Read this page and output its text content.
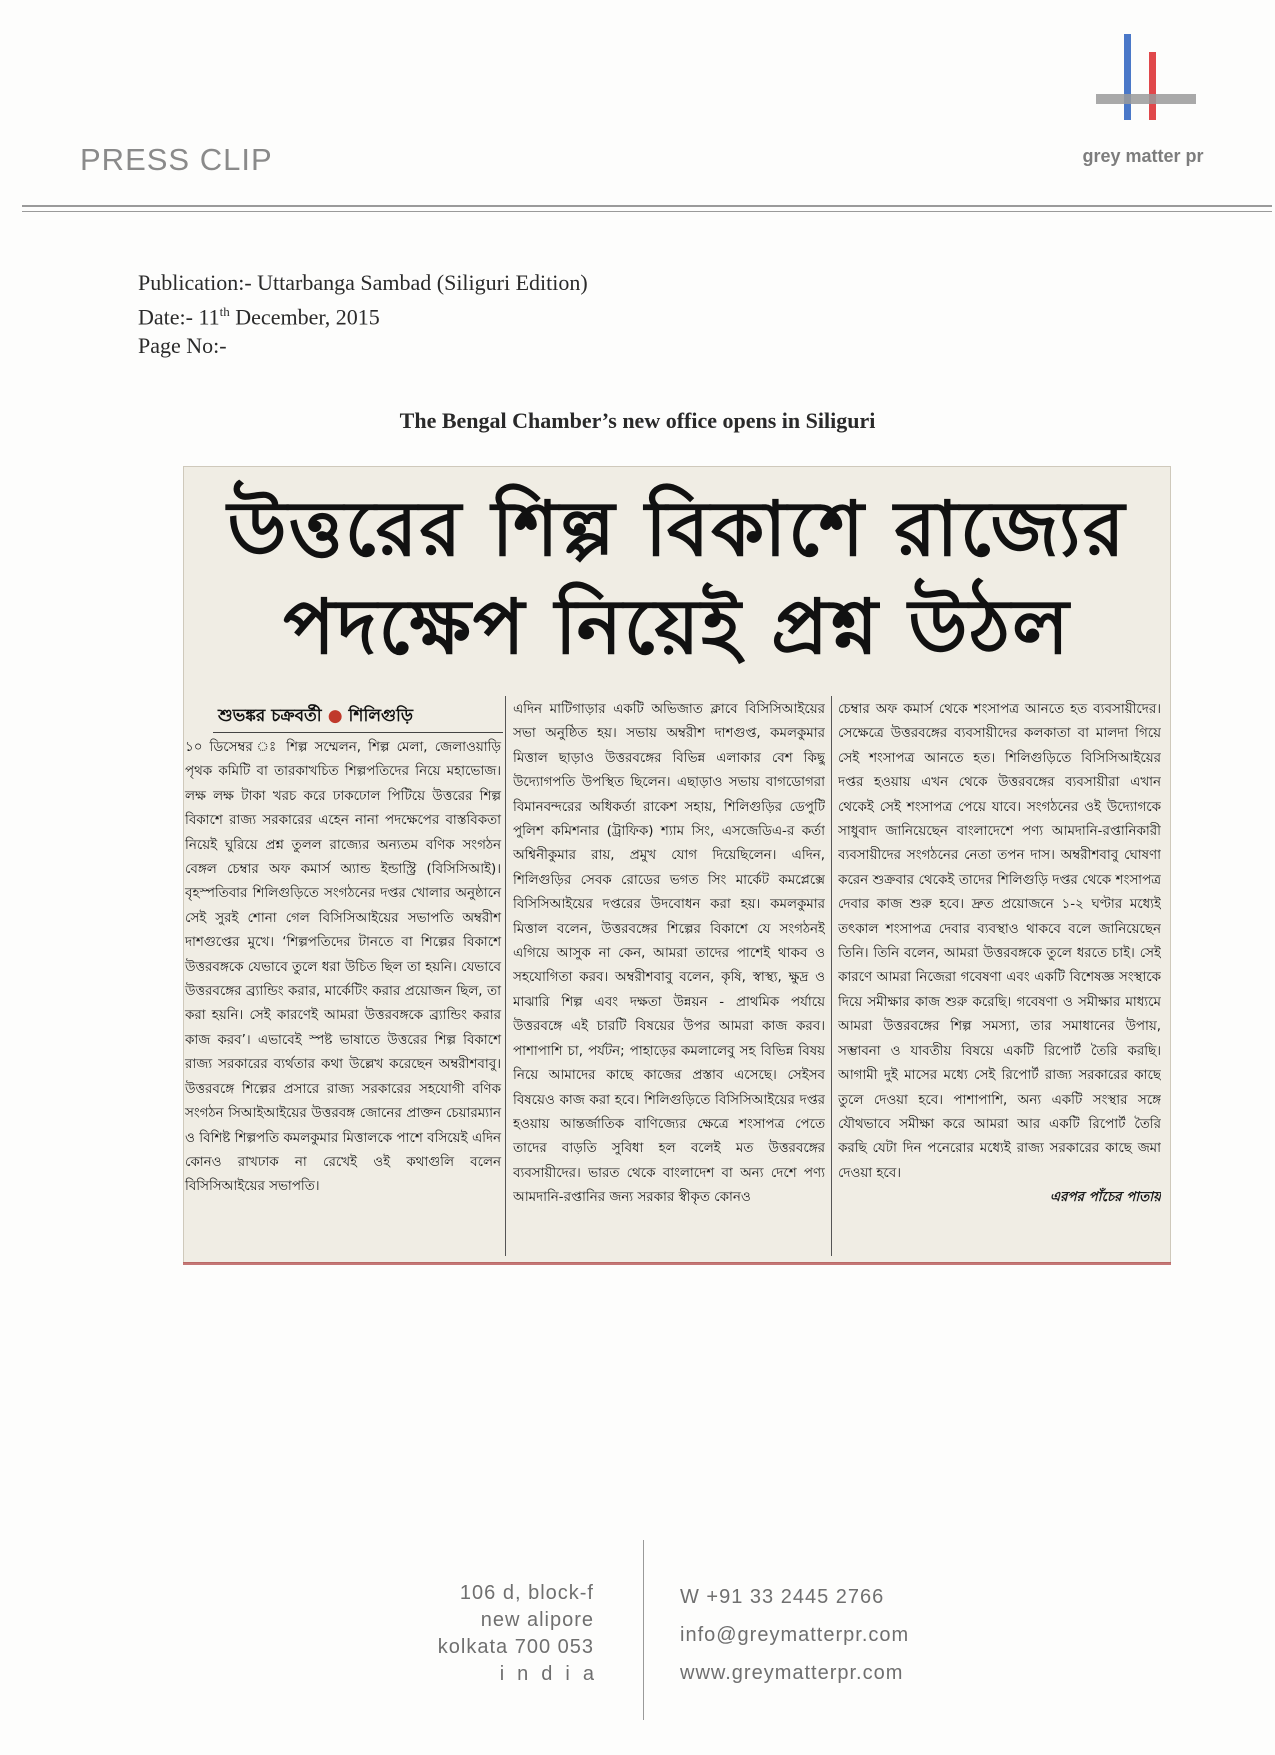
PRESS CLIP	grey matter pr
Publication:- Uttarbanga Sambad (Siliguri Edition)
Date:- 11th December, 2015
Page No:-
The Bengal Chamber’s new office opens in Siliguri
উত্তরের শিল্প বিকাশে রাজ্যের
পদক্ষেপ নিয়েই প্রশ্ন উঠল
শুভঙ্কর চক্রবর্তী ● শিলিগুড়ি

১০ ডিসেম্বর ঃ শিল্প সম্মেলন, শিল্প মেলা, জেলাওয়াড়ি পৃথক কমিটি বা তারকাখচিত শিল্পপতিদের নিয়ে মহাভোজ। লক্ষ লক্ষ টাকা খরচ করে ঢাকঢোল পিটিয়ে উত্তরের শিল্প বিকাশে রাজ্য সরকারের এহেন নানা পদক্ষেপের বাস্তবিকতা নিয়েই ঘুরিয়ে প্রশ্ন তুলল রাজ্যের অন্যতম বণিক সংগঠন বেঙ্গল চেম্বার অফ কমার্স অ্যান্ড ইন্ডাস্ট্রি (বিসিসিআই)। বৃহস্পতিবার শিলিগুড়িতে সংগঠনের দপ্তর খোলার অনুষ্ঠানে সেই সুরই শোনা গেল বিসিসিআইয়ের সভাপতি অম্বরীশ দাশগুপ্তের মুখে। ‘শিল্পপতিদের টানতে বা শিল্পের বিকাশে উত্তরবঙ্গকে যেভাবে তুলে ধরা উচিত ছিল তা হয়নি। যেভাবে উত্তরবঙ্গের ব্র্যান্ডিং করার, মার্কেটিং করার প্রয়োজন ছিল, তা করা হয়নি। সেই কারণেই আমরা উত্তরবঙ্গকে ব্র্যান্ডিং করার কাজ করব’। এভাবেই স্পষ্ট ভাষাতে উত্তরের শিল্প বিকাশে রাজ্য সরকারের ব্যর্থতার কথা উল্লেখ করেছেন অম্বরীশবাবু। উত্তরবঙ্গে শিল্পের প্রসারে রাজ্য সরকারের সহযোগী বণিক সংগঠন সিআইআইয়ের উত্তরবঙ্গ জোনের প্রাক্তন চেয়ারম্যান ও বিশিষ্ট শিল্পপতি কমলকুমার মিত্তালকে পাশে বসিয়েই এদিন কোনও রাখঢাক না রেখেই ওই কথাগুলি বলেন বিসিসিআইয়ের সভাপতি।

এদিন মাটিগাড়ার একটি অভিজাত ক্লাবে বিসিসিআইয়ের সভা অনুষ্ঠিত হয়। সভায় অম্বরীশ দাশগুপ্ত, কমলকুমার মিত্তাল ছাড়াও উত্তরবঙ্গের বিভিন্ন এলাকার বেশ কিছু উদ্যোগপতি উপস্থিত ছিলেন। এছাড়াও সভায় বাগডোগরা বিমানবন্দরের অধিকর্তা রাকেশ সহায়, শিলিগুড়ির ডেপুটি পুলিশ কমিশনার (ট্রাফিক) শ্যাম সিং, এসজেডিএ-র কর্তা অশ্বিনীকুমার রায়, প্রমুখ যোগ দিয়েছিলেন। এদিন, শিলিগুড়ির সেবক রোডের ভগত সিং মার্কেট কমপ্লেক্সে বিসিসিআইয়ের দপ্তরের উদবোধন করা হয়। কমলকুমার মিত্তাল বলেন, উত্তরবঙ্গের শিল্পের বিকাশে যে সংগঠনই এগিয়ে আসুক না কেন, আমরা তাদের পাশেই থাকব ও সহযোগিতা করব। অম্বরীশবাবু বলেন, কৃষি, স্বাস্থ্য, ক্ষুদ্র ও মাঝারি শিল্প এবং দক্ষতা উন্নয়ন - প্রাথমিক পর্যায়ে উত্তরবঙ্গে এই চারটি বিষয়ের উপর আমরা কাজ করব। পাশাপাশি চা, পর্যটন; পাহাড়ের কমলালেবু সহ বিভিন্ন বিষয় নিয়ে আমাদের কাছে কাজের প্রস্তাব এসেছে। সেইসব বিষয়েও কাজ করা হবে। শিলিগুড়িতে বিসিসিআইয়ের দপ্তর হওয়ায় আন্তর্জাতিক বাণিজ্যের ক্ষেত্রে শংসাপত্র পেতে তাদের বাড়তি সুবিধা হল বলেই মত উত্তরবঙ্গের ব্যবসায়ীদের। ভারত থেকে বাংলাদেশ বা অন্য দেশে পণ্য আমদানি-রপ্তানির জন্য সরকার স্বীকৃত কোনও

চেম্বার অফ কমার্স থেকে শংসাপত্র আনতে হত ব্যবসায়ীদের। সেক্ষেত্রে উত্তরবঙ্গের ব্যবসায়ীদের কলকাতা বা মালদা গিয়ে সেই শংসাপত্র আনতে হত। শিলিগুড়িতে বিসিসিআইয়ের দপ্তর হওয়ায় এখন থেকে উত্তরবঙ্গের ব্যবসায়ীরা এখান থেকেই সেই শংসাপত্র পেয়ে যাবে। সংগঠনের ওই উদ্যোগকে সাধুবাদ জানিয়েছেন বাংলাদেশে পণ্য আমদানি-রপ্তানিকারী ব্যবসায়ীদের সংগঠনের নেতা তপন দাস। অম্বরীশবাবু ঘোষণা করেন শুক্রবার থেকেই তাদের শিলিগুড়ি দপ্তর থেকে শংসাপত্র দেবার কাজ শুরু হবে। দ্রুত প্রয়োজনে ১-২ ঘণ্টার মধ্যেই তৎকাল শংসাপত্র দেবার ব্যবস্থাও থাকবে বলে জানিয়েছেন তিনি। তিনি বলেন, আমরা উত্তরবঙ্গকে তুলে ধরতে চাই। সেই কারণে আমরা নিজেরা গবেষণা এবং একটি বিশেষজ্ঞ সংস্থাকে দিয়ে সমীক্ষার কাজ শুরু করেছি। গবেষণা ও সমীক্ষার মাধ্যমে আমরা উত্তরবঙ্গের শিল্প সমস্যা, তার সমাধানের উপায়, সম্ভাবনা ও যাবতীয় বিষয়ে একটি রিপোর্ট তৈরি করছি। আগামী দুই মাসের মধ্যে সেই রিপোর্ট রাজ্য সরকারের কাছে তুলে দেওয়া হবে। পাশাপাশি, অন্য একটি সংস্থার সঙ্গে যৌথভাবে সমীক্ষা করে আমরা আর একটি রিপোর্ট তৈরি করছি যেটা দিন পনেরোর মধ্যেই রাজ্য সরকারের কাছে জমা দেওয়া হবে।

এরপর পাঁচের পাতায়
106 d, block-f
new alipore
kolkata 700 053
india
W +91 33 2445 2766
info@greymatterpr.com
www.greymatterpr.com
